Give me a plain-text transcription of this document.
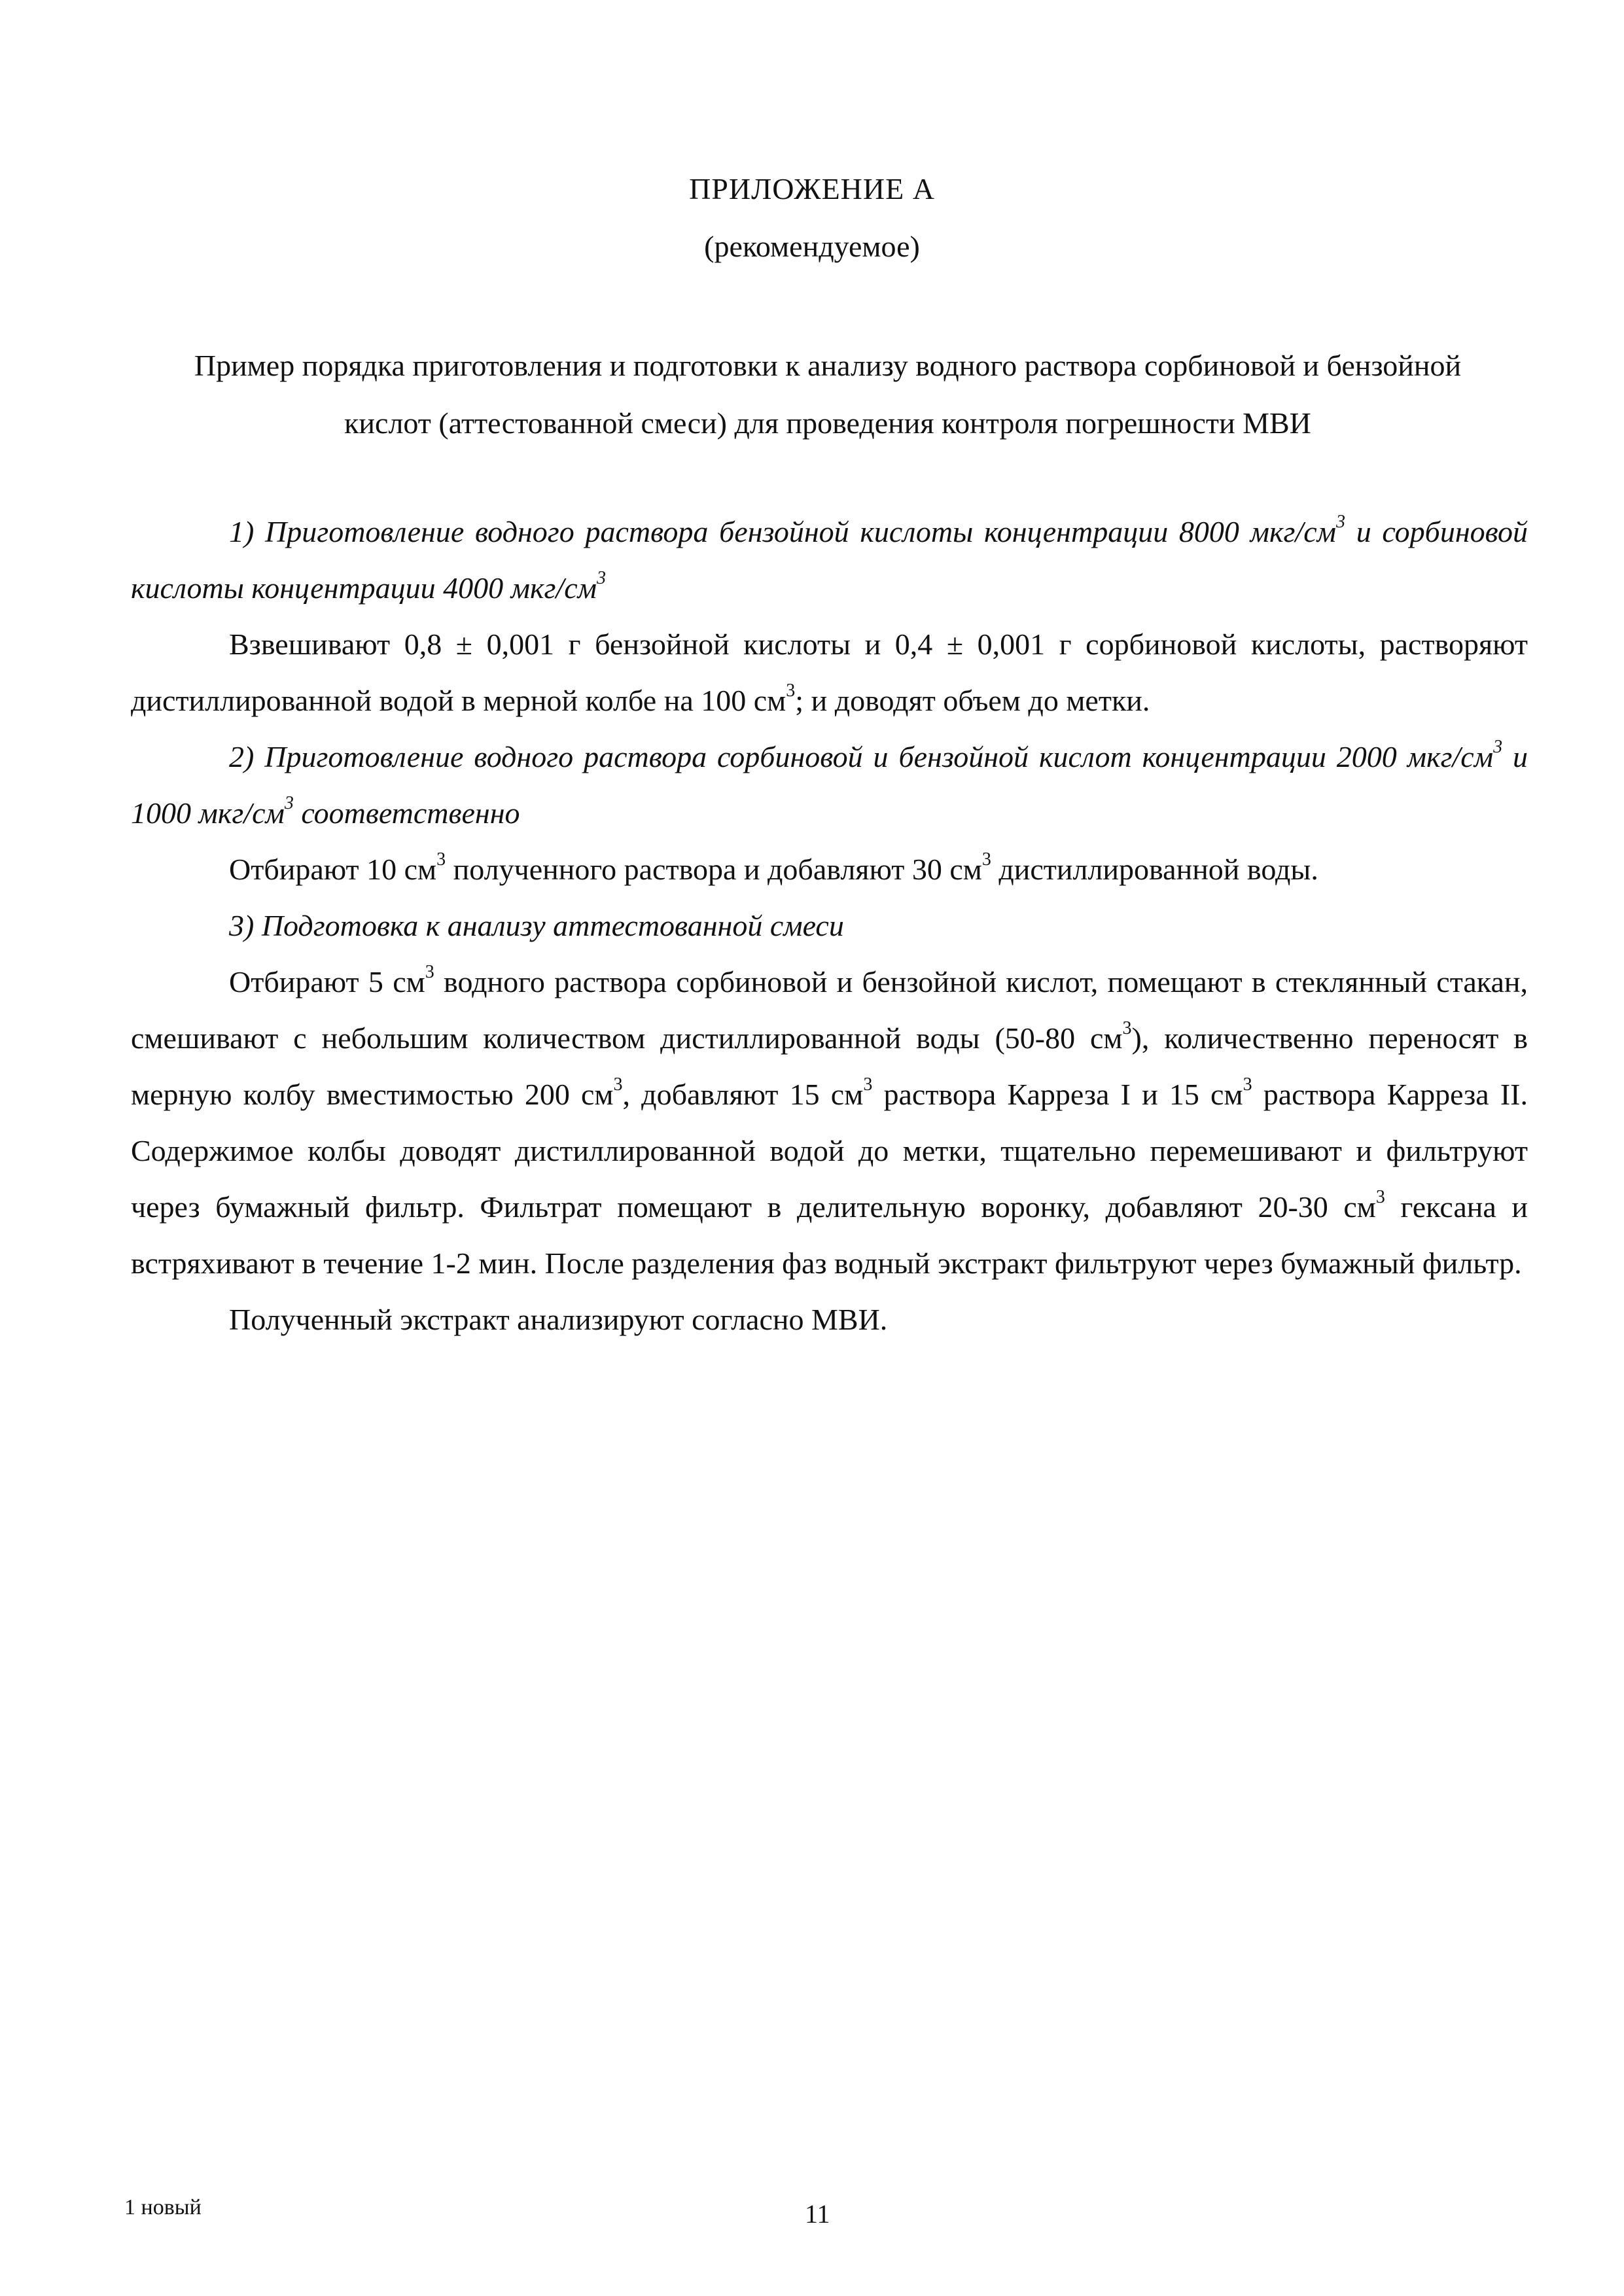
ПРИЛОЖЕНИЕ А
(рекомендуемое)
Пример порядка приготовления и подготовки к анализу водного раствора сорбиновой и бензойной
кислот (аттестованной смеси) для проведения контроля погрешности МВИ

1) Приготовление водного раствора бензойной кислоты концентрации 8000 мкг/$см^3$ и сорбиновой кислоты концентрации 4000 мкг/$см^3$

Взвешивают 0,8 ± 0,001 г бензойной кислоты и 0,4 ± 0,001 г сорбиновой кислоты, растворяют дистиллированной водой в мерной колбе на 100 $см^3$; и доводят объем до метки.

2) Приготовление водного раствора сорбиновой и бензойной кислот концентрации 2000 мкг/$см^3$ и 1000 мкг/$см^3$ соответственно

Отбирают 10 $см^3$ полученного раствора и добавляют 30 $см^3$ дистиллированной воды.

3) Подготовка к анализу аттестованной смеси

Отбирают 5 $см^3$ водного раствора сорбиновой и бензойной кислот, помещают в стеклянный стакан, смешивают с небольшим количеством дистиллированной воды (50-80 $см^3$), количественно переносят в мерную колбу вместимостью 200 $см^3$, добавляют 15 $см^3$ раствора Карреза I и 15 $см^3$ раствора Карреза II. Содержимое колбы доводят дистиллированной водой до метки, тщательно перемешивают и фильтруют через бумажный фильтр. Фильтрат помещают в делительную воронку, добавляют 20-30 $см^3$ гексана и встряхивают в течение 1-2 мин. После разделения фаз водный экстракт фильтруют через бумажный фильтр.

Полученный экстракт анализируют согласно МВИ.

1 новый	11
